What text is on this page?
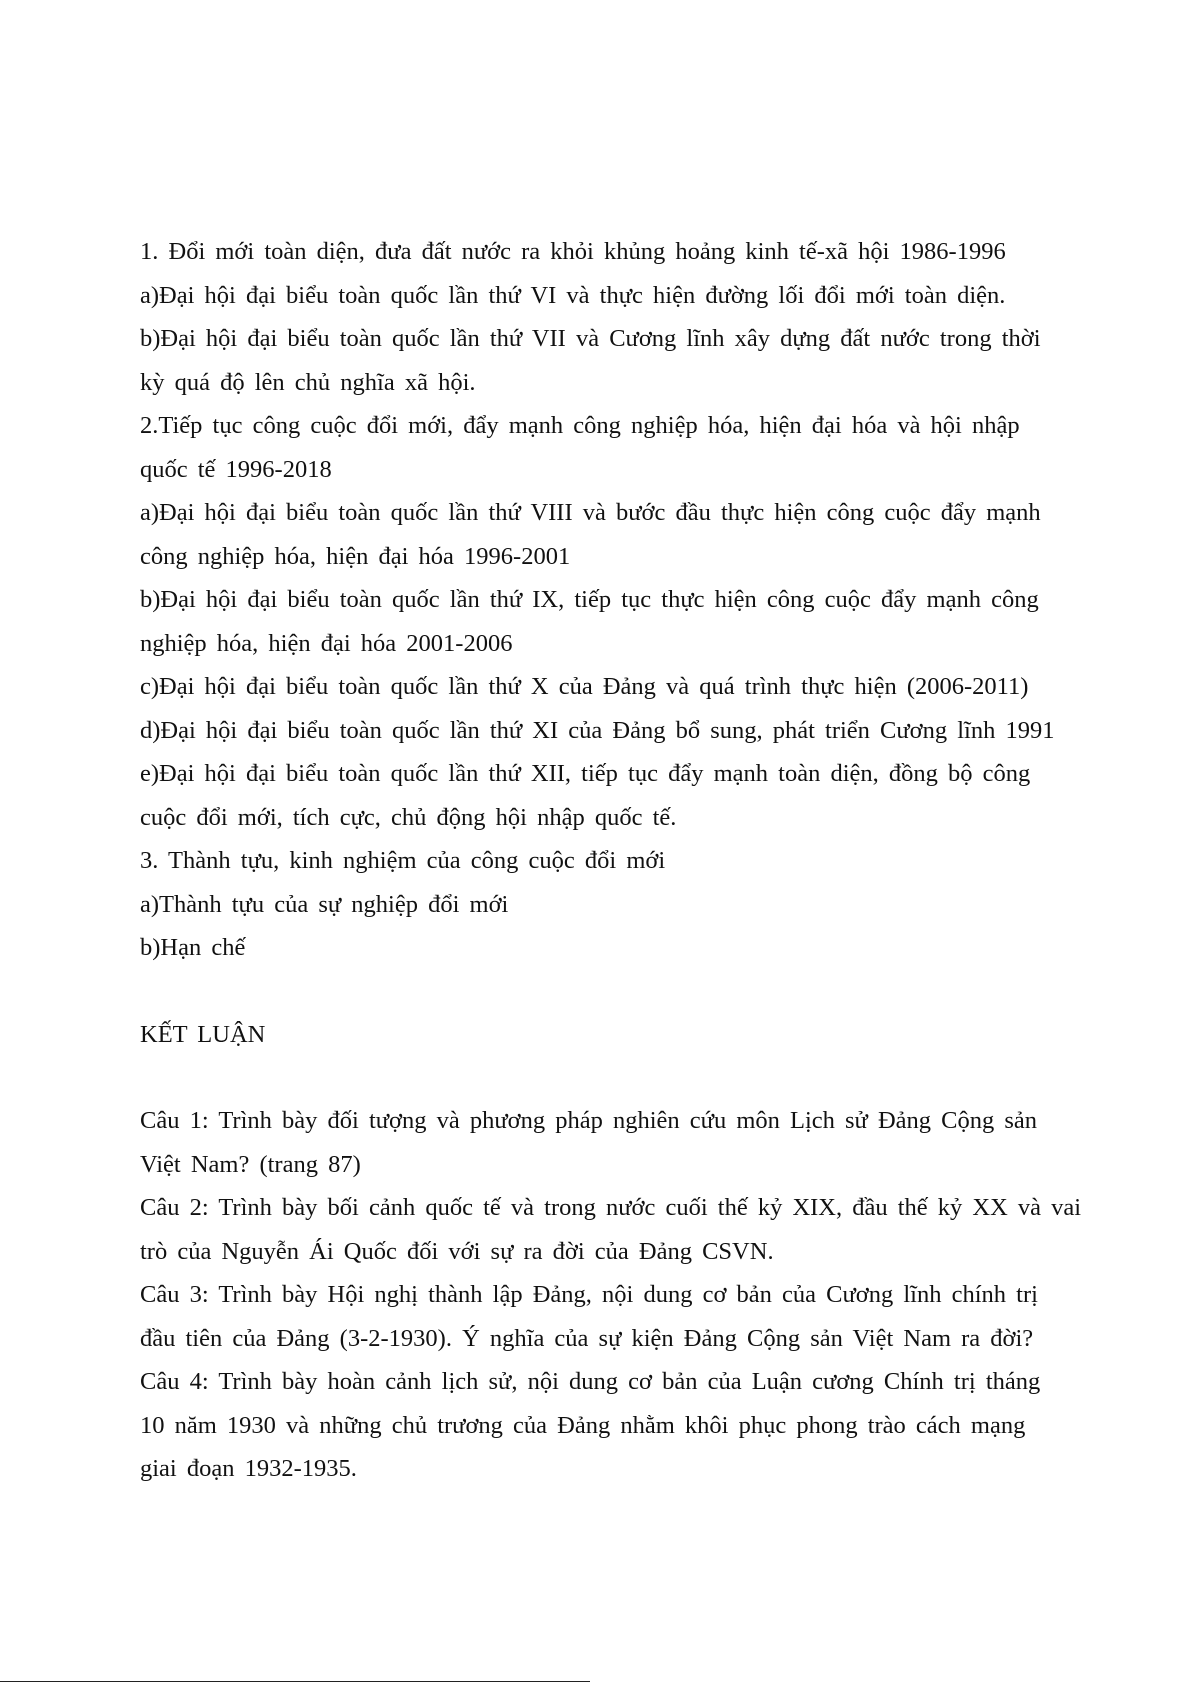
1. Đổi mới toàn diện, đưa đất nước ra khỏi khủng hoảng kinh tế-xã hội 1986-1996
a)Đại hội đại biểu toàn quốc lần thứ VI và thực hiện đường lối đổi mới toàn diện.
b)Đại hội đại biểu toàn quốc lần thứ VII và Cương lĩnh xây dựng đất nước trong thời
kỳ quá độ lên chủ nghĩa xã hội.
2.Tiếp tục công cuộc đổi mới, đẩy mạnh công nghiệp hóa, hiện đại hóa và hội nhập
quốc tế 1996-2018
a)Đại hội đại biểu toàn quốc lần thứ VIII và bước đầu thực hiện công cuộc đẩy mạnh
công nghiệp hóa, hiện đại hóa 1996-2001
b)Đại hội đại biểu toàn quốc lần thứ IX, tiếp tục thực hiện công cuộc đẩy mạnh công
nghiệp hóa, hiện đại hóa 2001-2006
c)Đại hội đại biểu toàn quốc lần thứ X của Đảng và quá trình thực hiện (2006-2011)
d)Đại hội đại biểu toàn quốc lần thứ XI của Đảng bổ sung, phát triển Cương lĩnh 1991
e)Đại hội đại biểu toàn quốc lần thứ XII, tiếp tục đẩy mạnh toàn diện, đồng bộ công
cuộc đổi mới, tích cực, chủ động hội nhập quốc tế.
3. Thành tựu, kinh nghiệm của công cuộc đổi mới
a)Thành tựu của sự nghiệp đổi mới
b)Hạn chế
KẾT LUẬN
Câu 1: Trình bày đối tượng và phương pháp nghiên cứu môn Lịch sử Đảng Cộng sản
Việt Nam? (trang 87)
Câu 2: Trình bày bối cảnh quốc tế và trong nước cuối thế kỷ XIX, đầu thế kỷ XX và vai
trò của Nguyễn Ái Quốc đối với sự ra đời của Đảng CSVN.
Câu 3: Trình bày Hội nghị thành lập Đảng, nội dung cơ bản của Cương lĩnh chính trị
đầu tiên của Đảng (3-2-1930). Ý nghĩa của sự kiện Đảng Cộng sản Việt Nam ra đời?
Câu 4: Trình bày hoàn cảnh lịch sử, nội dung cơ bản của Luận cương Chính trị tháng
10 năm 1930 và những chủ trương của Đảng nhằm khôi phục phong trào cách mạng
giai đoạn 1932-1935.
